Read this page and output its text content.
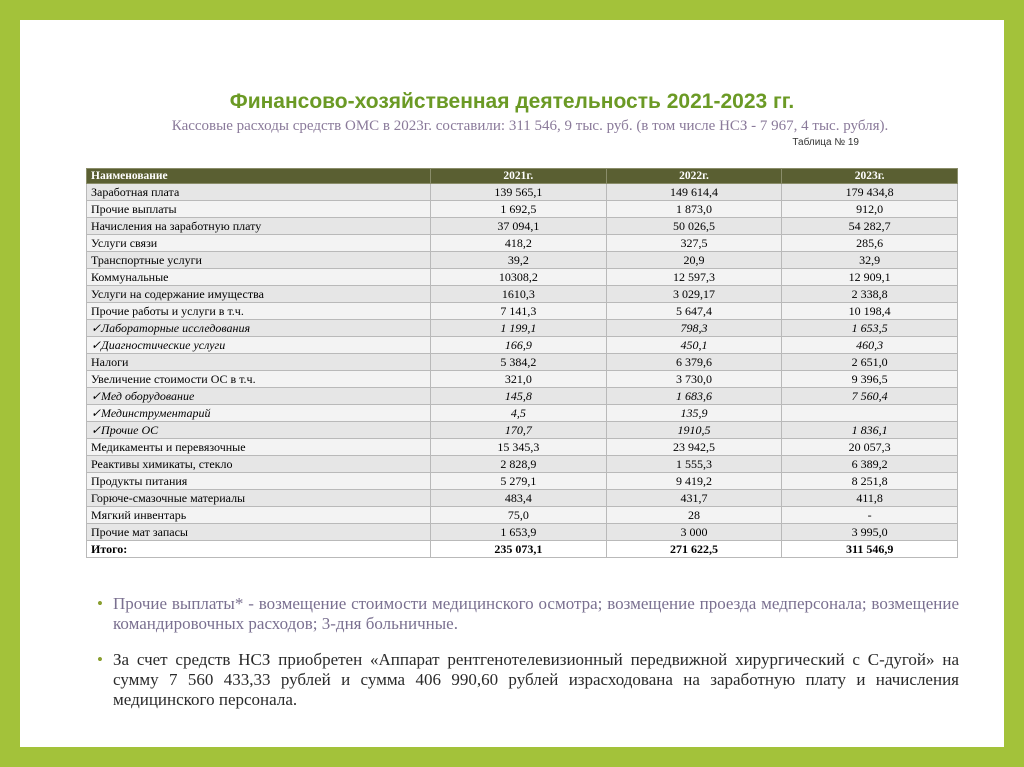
Финансово-хозяйственная деятельность 2021-2023 гг.
Кассовые расходы средств ОМС в 2023г. составили: 311 546, 9 тыс. руб. (в том числе НСЗ - 7 967, 4 тыс. рубля).
Таблица № 19
Наименование	2021г.	2022г.	2023г.
Заработная плата	139 565,1	149 614,4	179 434,8
Прочие выплаты	1 692,5	1 873,0	912,0
Начисления на заработную плату	37 094,1	50 026,5	54 282,7
Услуги связи	418,2	327,5	285,6
Транспортные услуги	39,2	20,9	32,9
Коммунальные	10308,2	12 597,3	12 909,1
Услуги на содержание имущества	1610,3	3 029,17	2 338,8
Прочие работы и услуги в т.ч.	7 141,3	5 647,4	10 198,4
✓Лабораторные исследования	1 199,1	798,3	1 653,5
✓Диагностические услуги	166,9	450,1	460,3
Налоги	5 384,2	6 379,6	2 651,0
Увеличение стоимости ОС в т.ч.	321,0	3 730,0	9 396,5
✓Мед оборудование	145,8	1 683,6	7 560,4
✓Мединструментарий	4,5	135,9	
✓Прочие ОС	170,7	1910,5	1 836,1
Медикаменты и перевязочные	15 345,3	23 942,5	20 057,3
Реактивы химикаты, стекло	2 828,9	1 555,3	6 389,2
Продукты питания	5 279,1	9 419,2	8 251,8
Горюче-смазочные материалы	483,4	431,7	411,8
Мягкий инвентарь	75,0	28	-
Прочие мат запасы	1 653,9	3 000	3 995,0
Итого:	235 073,1	271 622,5	311 546,9
• Прочие выплаты* - возмещение стоимости медицинского осмотра; возмещение проезда медперсонала; возмещение командировочных расходов; 3-дня больничные.
• За счет средств НСЗ приобретен «Аппарат рентгенотелевизионный передвижной хирургический с С-дугой» на сумму 7 560 433,33 рублей и сумма 406 990,60 рублей израсходована на заработную плату и начисления медицинского персонала.
